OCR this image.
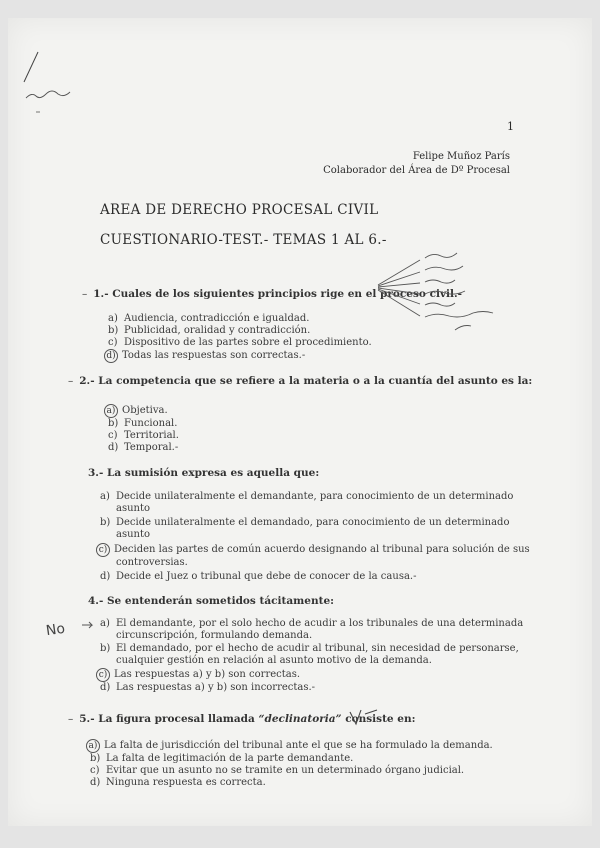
1
Felipe Muñoz París
Colaborador del Área de Dº Procesal
AREA DE DERECHO PROCESAL CIVIL
CUESTIONARIO-TEST.- TEMAS 1 AL 6.-
– 1.- Cuales de los siguientes principios rige en el proceso civil.-
a) Audiencia, contradicción e igualdad.
b) Publicidad, oralidad y contradicción.
c) Dispositivo de las partes sobre el procedimiento.
d) Todas las respuestas son correctas.-
– 2.- La competencia que se refiere a la materia o a la cuantía del asunto es la:
a) Objetiva.
b) Funcional.
c) Territorial.
d) Temporal.-
3.- La sumisión expresa es aquella que:
a) Decide unilateralmente el demandante, para conocimiento de un determinado
asunto
b) Decide unilateralmente el demandado, para conocimiento de un determinado
asunto
c) Deciden las partes de común acuerdo designando al tribunal para solución de sus
controversias.
d) Decide el Juez o tribunal que debe de conocer de la causa.-
4.- Se entenderán sometidos tácitamente:
No	a) El demandante, por el solo hecho de acudir a los tribunales de una determinada
circunscripción, formulando demanda.
b) El demandado, por el hecho de acudir al tribunal, sin necesidad de personarse,
cualquier gestión en relación al asunto motivo de la demanda.
c) Las respuestas a) y b) son correctas.
d) Las respuestas a) y b) son incorrectas.-
– 5.- La figura procesal llamada “declinatoria” consiste en:
a) La falta de jurisdicción del tribunal ante el que se ha formulado la demanda.
b) La falta de legitimación de la parte demandante.
c) Evitar que un asunto no se tramite en un determinado órgano judicial.
d) Ninguna respuesta es correcta.
